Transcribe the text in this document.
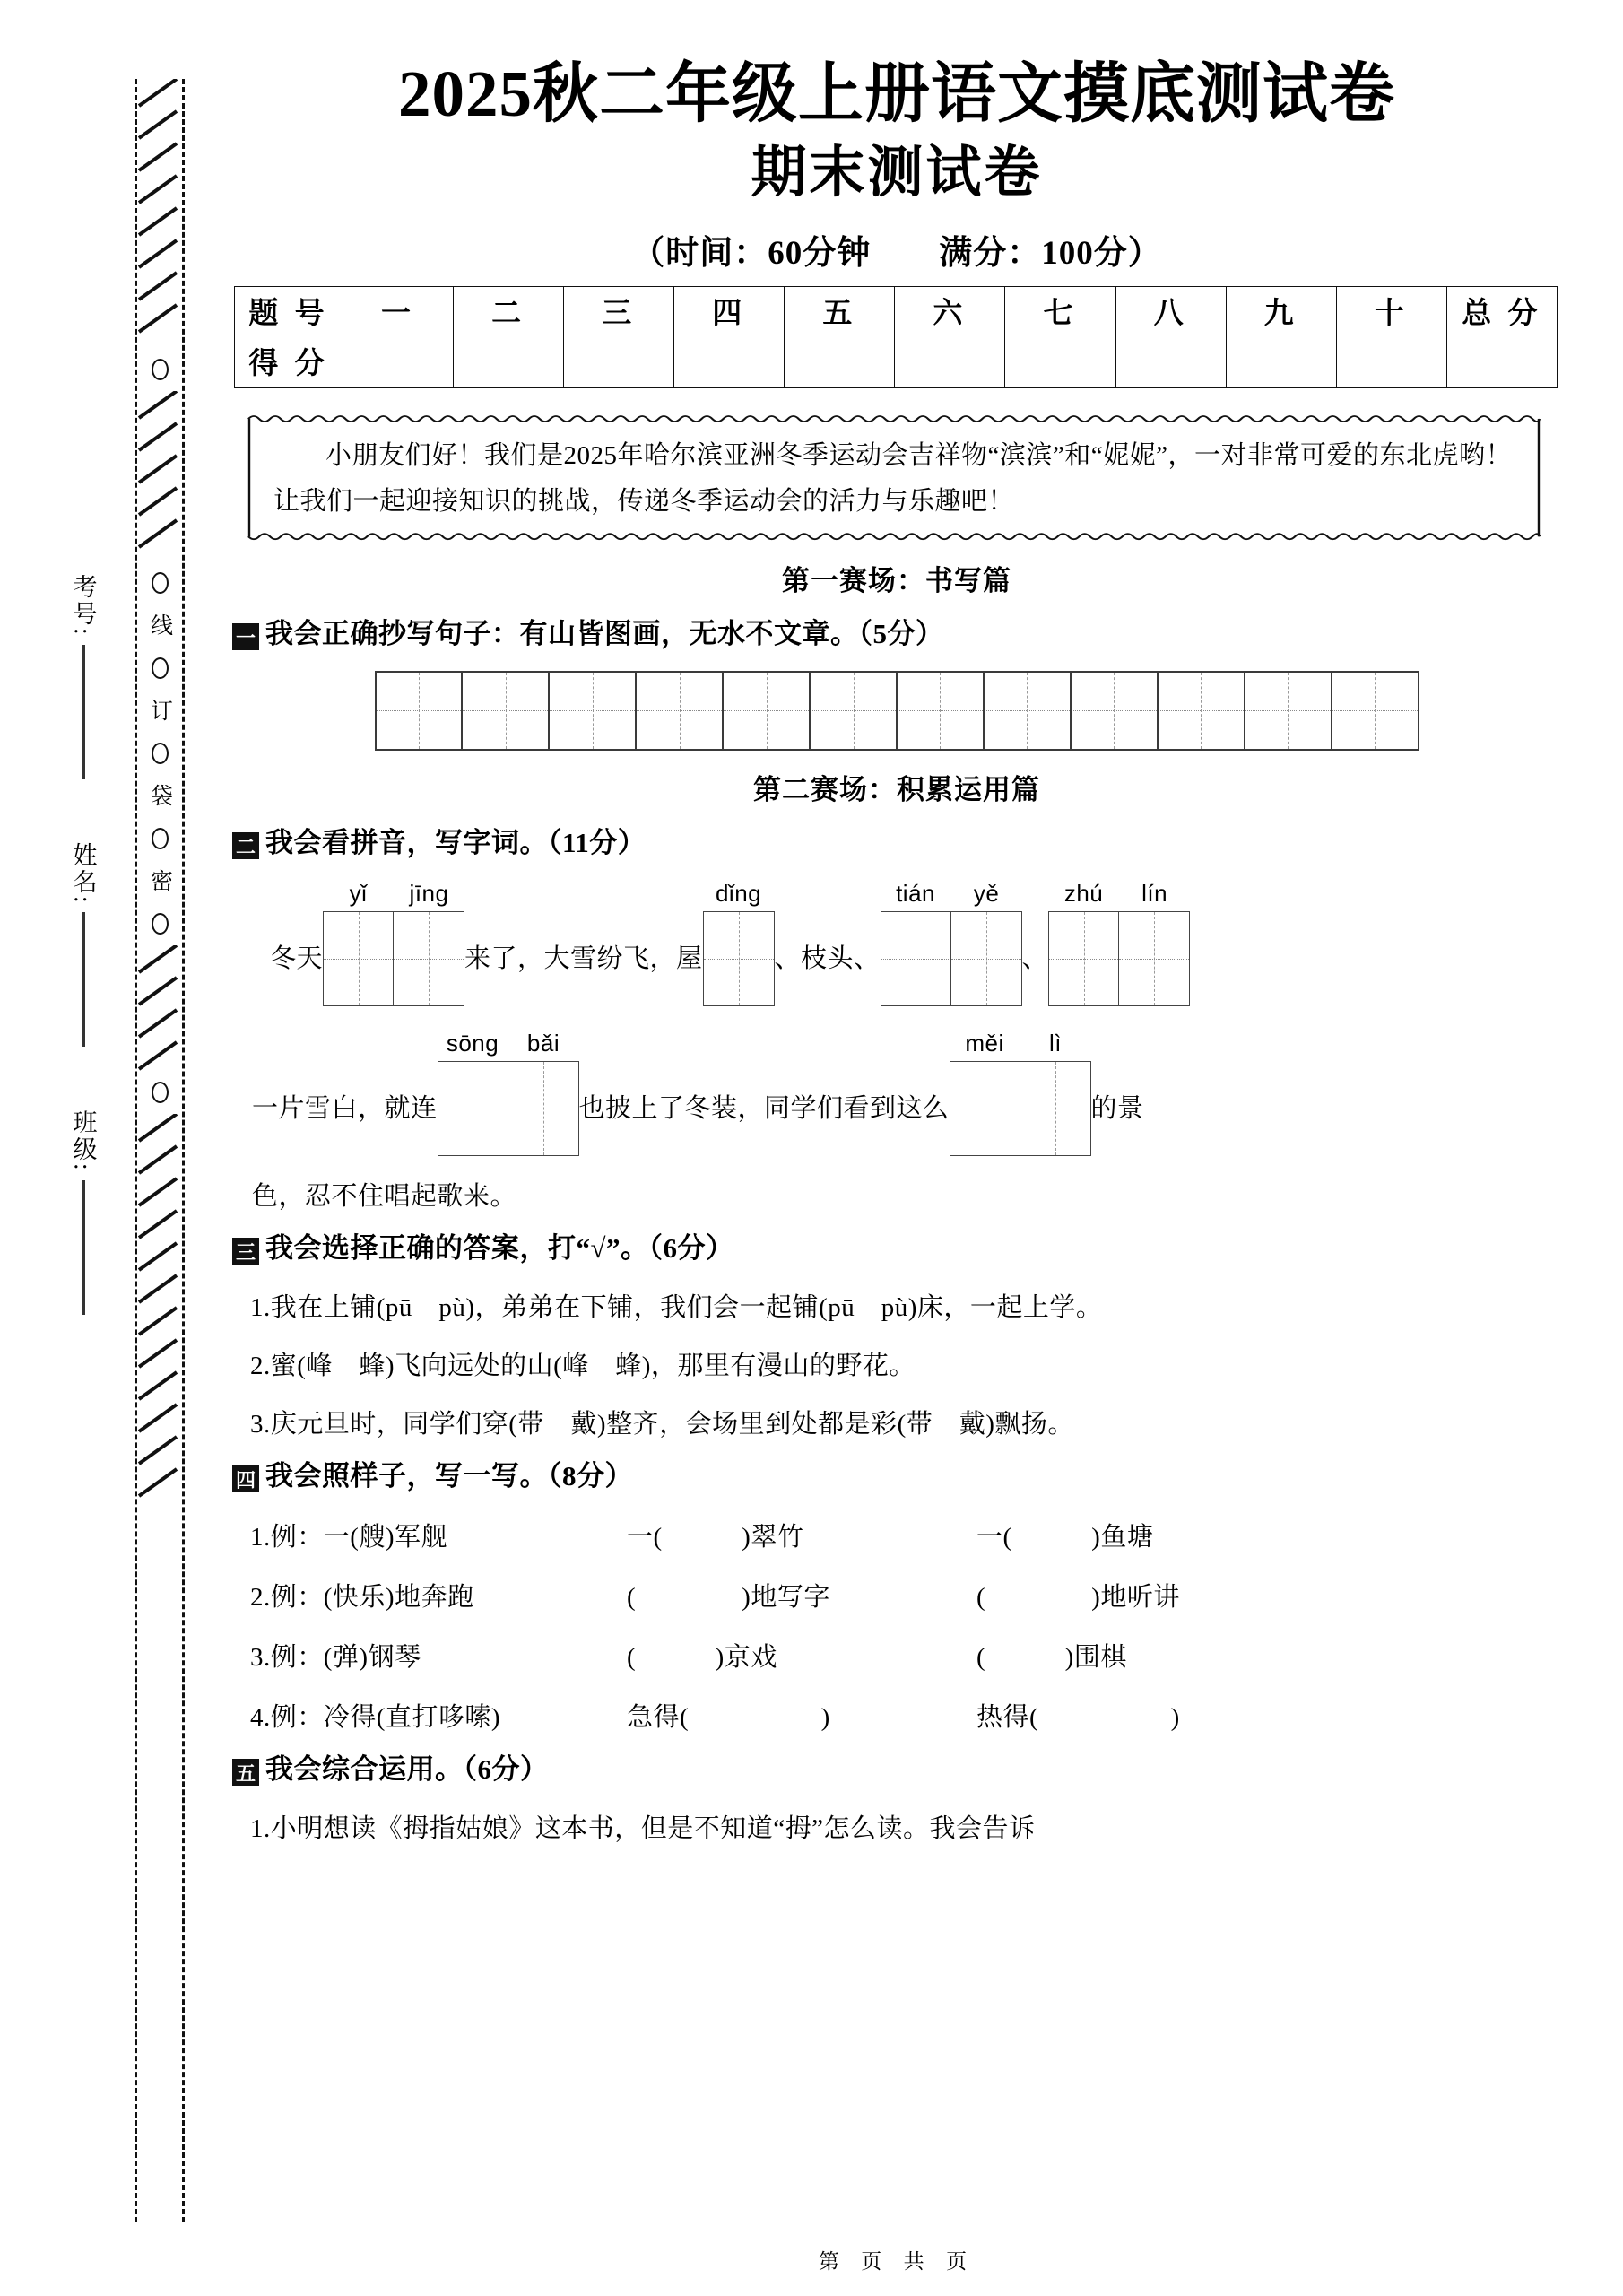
线
订
袋
密
考号:
姓名:
班级:
2025秋二年级上册语文摸底测试卷
期末测试卷
（时间：60分钟　　满分：100分）
题 号	一	二	三	四	五	六	七	八	九	十	总 分
得 分											
小朋友们好！我们是2025年哈尔滨亚洲冬季运动会吉祥物“滨滨”和“妮妮”，一对非常可爱的东北虎哟！让我们一起迎接知识的挑战，传递冬季运动会的活力与乐趣吧！
第一赛场：书写篇
一 我会正确抄写句子：有山皆图画，无水不文章。（5分）
第二赛场：积累运用篇
二 我会看拼音，写字词。（11分）
冬天
yǐ	jīng
来了，大雪纷飞，屋
dǐng
、枝头、
tián	yě
、
zhú	lín
一片雪白，就连
sōng	bǎi
也披上了冬装，同学们看到这么
měi	lì
的景
色，忍不住唱起歌来。
三 我会选择正确的答案，打“√”。（6分）
1.我在上铺(pū　pù)，弟弟在下铺，我们会一起铺(pū　pù)床，一起上学。
2.蜜(峰　蜂)飞向远处的山(峰　蜂)，那里有漫山的野花。
3.庆元旦时，同学们穿(带　戴)整齐，会场里到处都是彩(带　戴)飘扬。
四 我会照样子，写一写。（8分）
1.例：一(艘)军舰	一(　　　)翠竹	一(　　　)鱼塘
2.例：(快乐)地奔跑	(　　　　)地写字	(　　　　)地听讲
3.例：(弹)钢琴	(　　　)京戏	(　　　)围棋
4.例：冷得(直打哆嗦)	急得(　　　　　)	热得(　　　　　)
五 我会综合运用。（6分）
1.小明想读《拇指姑娘》这本书，但是不知道“拇”怎么读。我会告诉
第 页 共 页
